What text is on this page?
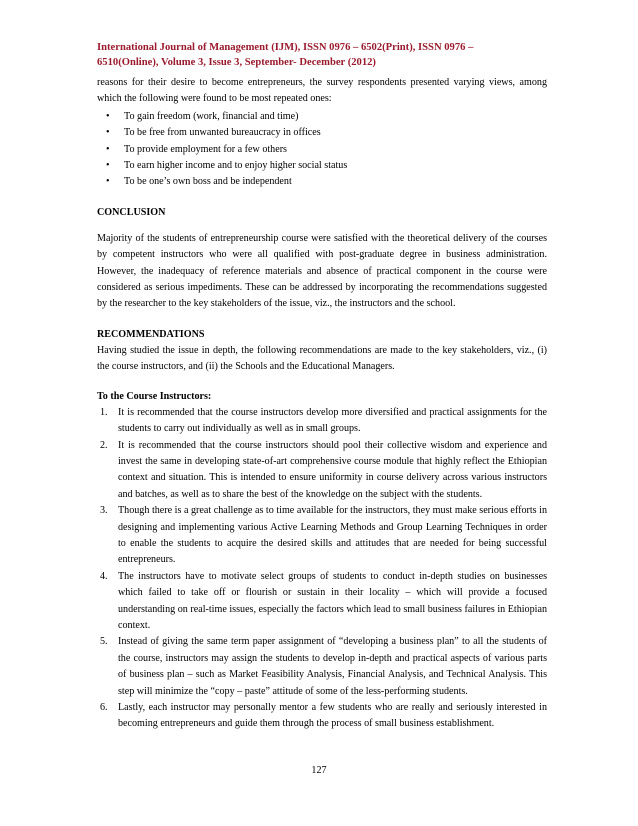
International Journal of Management (IJM), ISSN 0976 – 6502(Print), ISSN 0976 –
6510(Online), Volume 3, Issue 3, September- December (2012)

reasons for their desire to become entrepreneurs, the survey respondents presented varying views, among which the following were found to be most repeated ones:

• To gain freedom (work, financial and time)
• To be free from unwanted bureaucracy in offices
• To provide employment for a few others
• To earn higher income and to enjoy higher social status
• To be one’s own boss and be independent
CONCLUSION

Majority of the students of entrepreneurship course were satisfied with the theoretical delivery of the courses by competent instructors who were all qualified with post-graduate degree in business administration. However, the inadequacy of reference materials and absence of practical component in the course were considered as serious impediments. These can be addressed by incorporating the recommendations suggested by the researcher to the key stakeholders of the issue, viz., the instructors and the school.

RECOMMENDATIONS

Having studied the issue in depth, the following recommendations are made to the key stakeholders, viz., (i) the course instructors, and (ii) the Schools and the Educational Managers.

To the Course Instructors:
1. It is recommended that the course instructors develop more diversified and practical assignments for the students to carry out individually as well as in small groups.
2. It is recommended that the course instructors should pool their collective wisdom and experience and invest the same in developing state-of-art comprehensive course module that highly reflect the Ethiopian context and situation. This is intended to ensure uniformity in course delivery across various instructors and batches, as well as to share the best of the knowledge on the subject with the students.
3. Though there is a great challenge as to time available for the instructors, they must make serious efforts in designing and implementing various Active Learning Methods and Group Learning Techniques in order to enable the students to acquire the desired skills and attitudes that are needed for being successful entrepreneurs.
4. The instructors have to motivate select groups of students to conduct in-depth studies on businesses which failed to take off or flourish or sustain in their locality – which will provide a focused understanding on real-time issues, especially the factors which lead to small business failures in Ethiopian context.
5. Instead of giving the same term paper assignment of “developing a business plan” to all the students of the course, instructors may assign the students to develop in-depth and practical aspects of various parts of business plan – such as Market Feasibility Analysis, Financial Analysis, and Technical Analysis. This step will minimize the “copy – paste” attitude of some of the less-performing students.
6. Lastly, each instructor may personally mentor a few students who are really and seriously interested in becoming entrepreneurs and guide them through the process of small business establishment.
127
